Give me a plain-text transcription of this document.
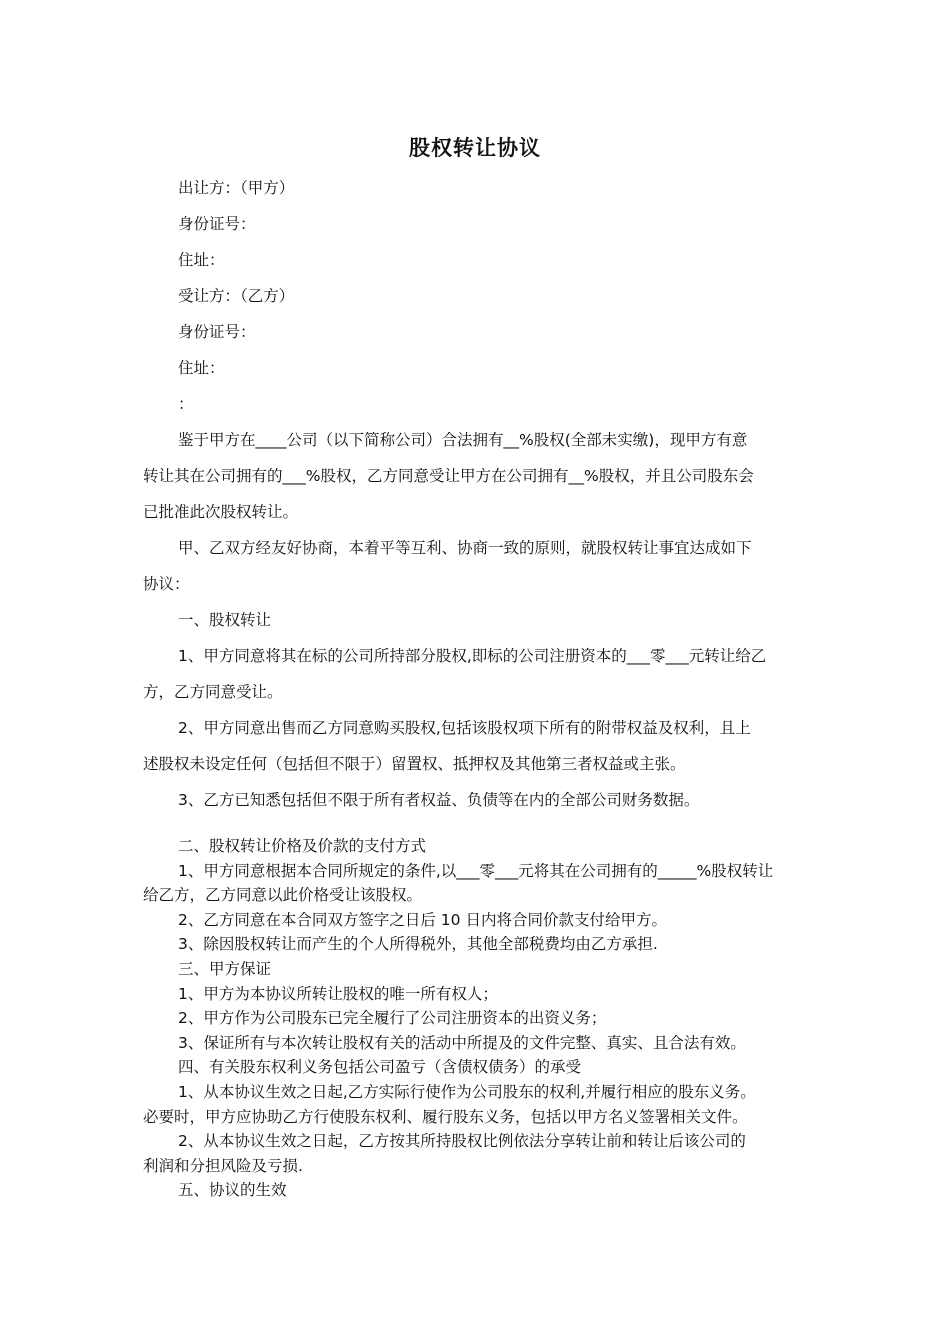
股权转让协议
出让方：（甲方）
身份证号：
住址：
受让方：（乙方）
身份证号：
住址：
：
鉴于甲方在____公司（以下简称公司）合法拥有__%股权(全部未实缴)，现甲方有意
转让其在公司拥有的___%股权，乙方同意受让甲方在公司拥有__%股权，并且公司股东会
已批准此次股权转让。
甲、乙双方经友好协商，本着平等互利、协商一致的原则，就股权转让事宜达成如下
协议：
一、股权转让
1、甲方同意将其在标的公司所持部分股权,即标的公司注册资本的___零___元转让给乙
方，乙方同意受让。
2、甲方同意出售而乙方同意购买股权,包括该股权项下所有的附带权益及权利，且上
述股权未设定任何（包括但不限于）留置权、抵押权及其他第三者权益或主张。
3、乙方已知悉包括但不限于所有者权益、负债等在内的全部公司财务数据。
二、股权转让价格及价款的支付方式
1、甲方同意根据本合同所规定的条件,以___零___元将其在公司拥有的_____%股权转让
给乙方，乙方同意以此价格受让该股权。
2、乙方同意在本合同双方签字之日后 10 日内将合同价款支付给甲方。
3、除因股权转让而产生的个人所得税外，其他全部税费均由乙方承担.
三、甲方保证
1、甲方为本协议所转让股权的唯一所有权人；
2、甲方作为公司股东已完全履行了公司注册资本的出资义务；
3、保证所有与本次转让股权有关的活动中所提及的文件完整、真实、且合法有效。
四、有关股东权利义务包括公司盈亏（含债权债务）的承受
1、从本协议生效之日起,乙方实际行使作为公司股东的权利,并履行相应的股东义务。
必要时，甲方应协助乙方行使股东权利、履行股东义务，包括以甲方名义签署相关文件。
2、从本协议生效之日起，乙方按其所持股权比例依法分享转让前和转让后该公司的
利润和分担风险及亏损.
五、协议的生效
